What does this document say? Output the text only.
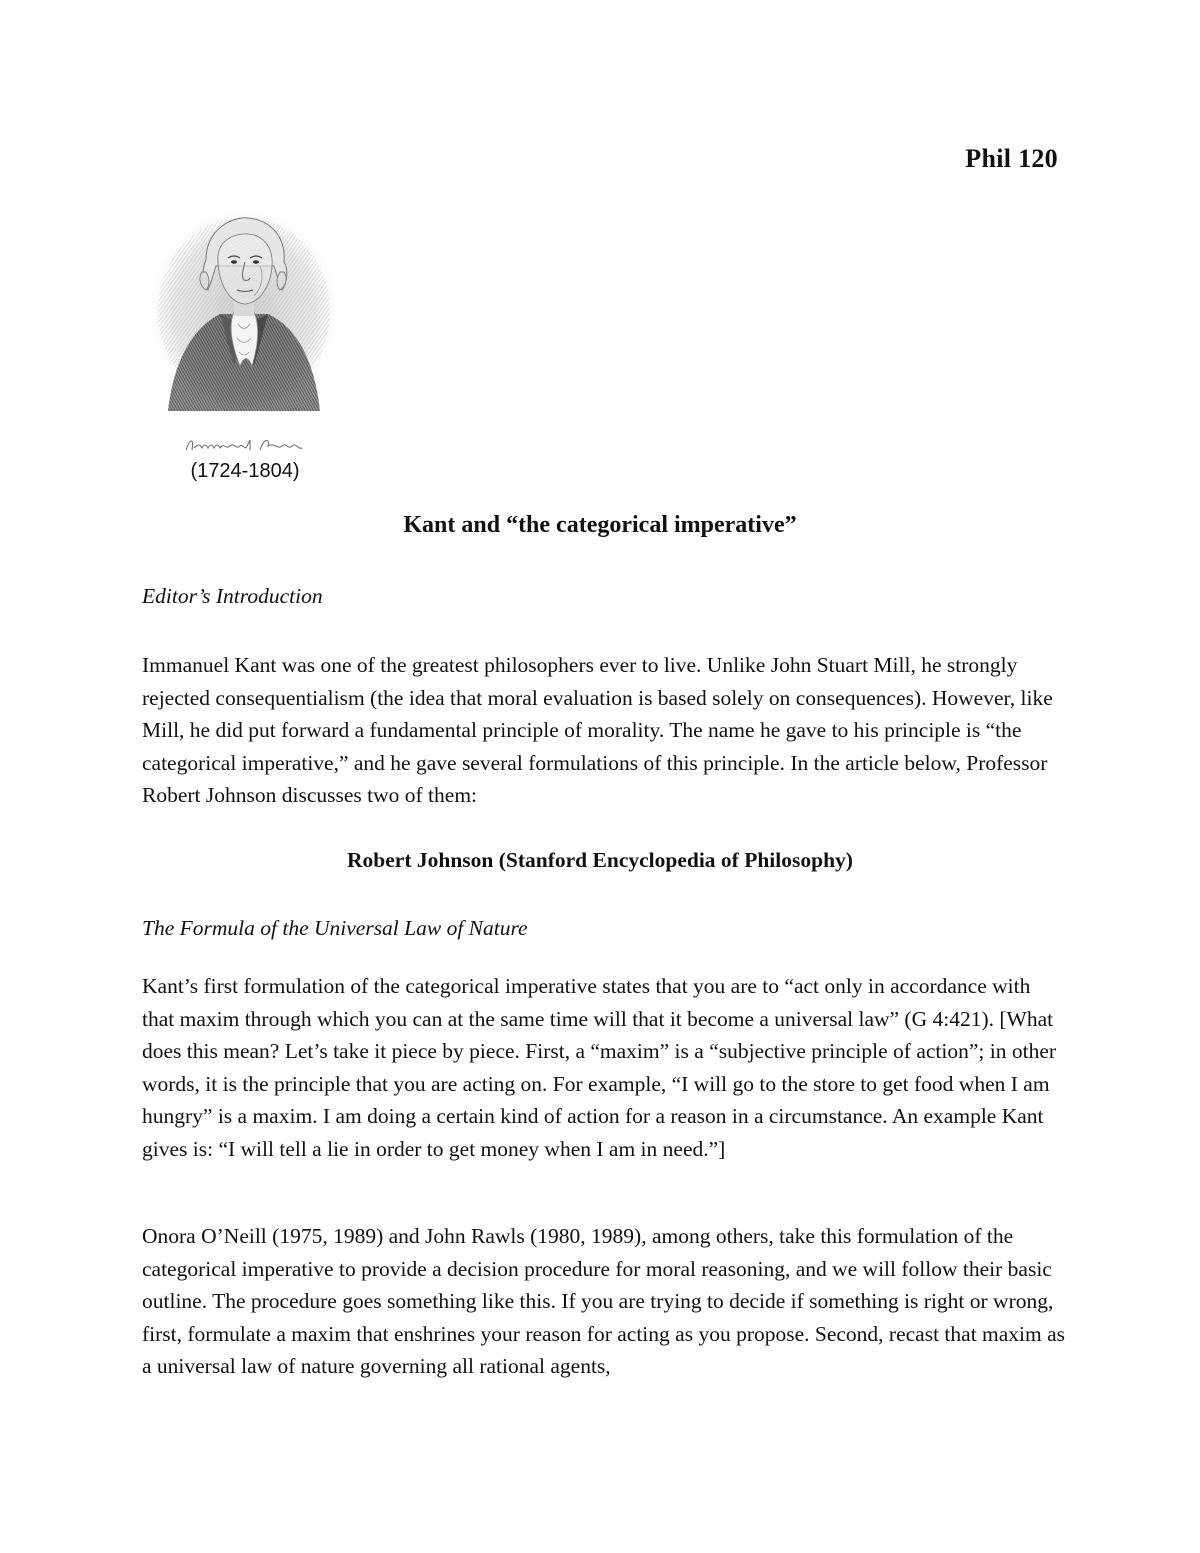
Phil 120
(1724-1804)
Kant and “the categorical imperative”
Editor’s Introduction

Immanuel Kant was one of the greatest philosophers ever to live. Unlike John Stuart Mill, he strongly rejected consequentialism (the idea that moral evaluation is based solely on consequences). However, like Mill, he did put forward a fundamental principle of morality. The name he gave to his principle is “the categorical imperative,” and he gave several formulations of this principle. In the article below, Professor Robert Johnson discusses two of them:

Robert Johnson (Stanford Encyclopedia of Philosophy)
The Formula of the Universal Law of Nature

Kant’s first formulation of the categorical imperative states that you are to “act only in accordance with that maxim through which you can at the same time will that it become a universal law” (G 4:421). [What does this mean? Let’s take it piece by piece. First, a “maxim” is a “subjective principle of action”; in other words, it is the principle that you are acting on. For example, “I will go to the store to get food when I am hungry” is a maxim. I am doing a certain kind of action for a reason in a circumstance. An example Kant gives is: “I will tell a lie in order to get money when I am in need.”]

Onora O’Neill (1975, 1989) and John Rawls (1980, 1989), among others, take this formulation of the categorical imperative to provide a decision procedure for moral reasoning, and we will follow their basic outline. The procedure goes something like this. If you are trying to decide if something is right or wrong, first, formulate a maxim that enshrines your reason for acting as you propose. Second, recast that maxim as a universal law of nature governing all rational agents,
